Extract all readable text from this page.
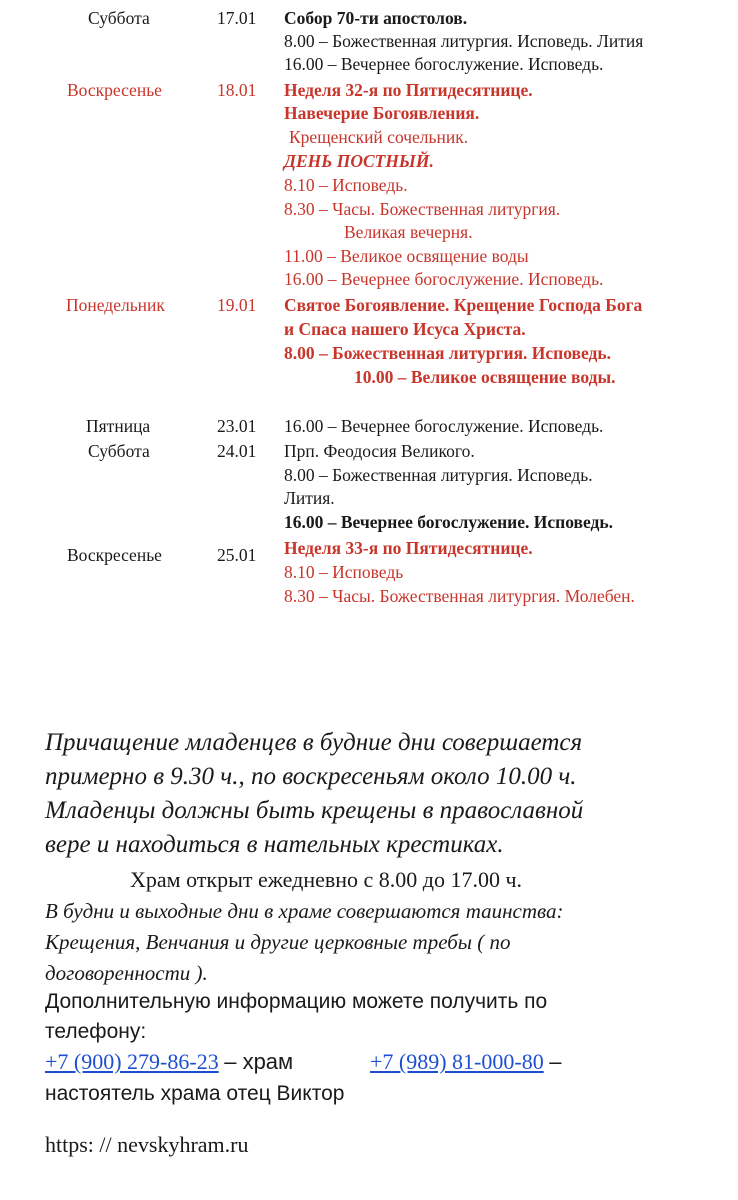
Суббота	17.01 Собор 70-ти апостолов.
8.00 – Божественная литургия. Исповедь. Лития
16.00 – Вечернее богослужение. Исповедь.
Воскресенье	18.01 Неделя 32-я по Пятидесятнице.
Навечерие Богоявления.
Крещенский сочельник.
ДЕНЬ ПОСТНЫЙ.
8.10 – Исповедь.
8.30 – Часы. Божественная литургия.
Великая вечерня.
11.00 – Великое освящение воды
16.00 – Вечернее богослужение. Исповедь.
Понедельник	19.01 Святое Богоявление. Крещение Господа Бога
и Спаса нашего Исуса Христа.
8.00 – Божественная литургия. Исповедь.
10.00 – Великое освящение воды.
Пятница	23.01 16.00 – Вечернее богослужение. Исповедь.
Суббота	24.01 Прп. Феодосия Великого.
8.00 – Божественная литургия. Исповедь.
Лития.
16.00 – Вечернее богослужение. Исповедь.
Воскресенье	25.01 Неделя 33-я по Пятидесятнице.
8.10 – Исповедь
8.30 – Часы. Божественная литургия. Молебен.
Причащение младенцев в будние дни совершается
примерно в 9.30 ч., по воскресеньям около 10.00 ч.
Младенцы должны быть крещены в православной
вере и находиться в нательных крестиках.
Храм открыт ежедневно с 8.00 до 17.00 ч.
В будни и выходные дни в храме совершаются таинства:
Крещения, Венчания и другие церковные требы ( по
договоренности ).
Дополнительную информацию можете получить по
телефону:
+7 (900) 279-86-23 – храм	+7 (989) 81-000-80 –
настоятель храма отец Виктор
https: // nevskyhram.ru
